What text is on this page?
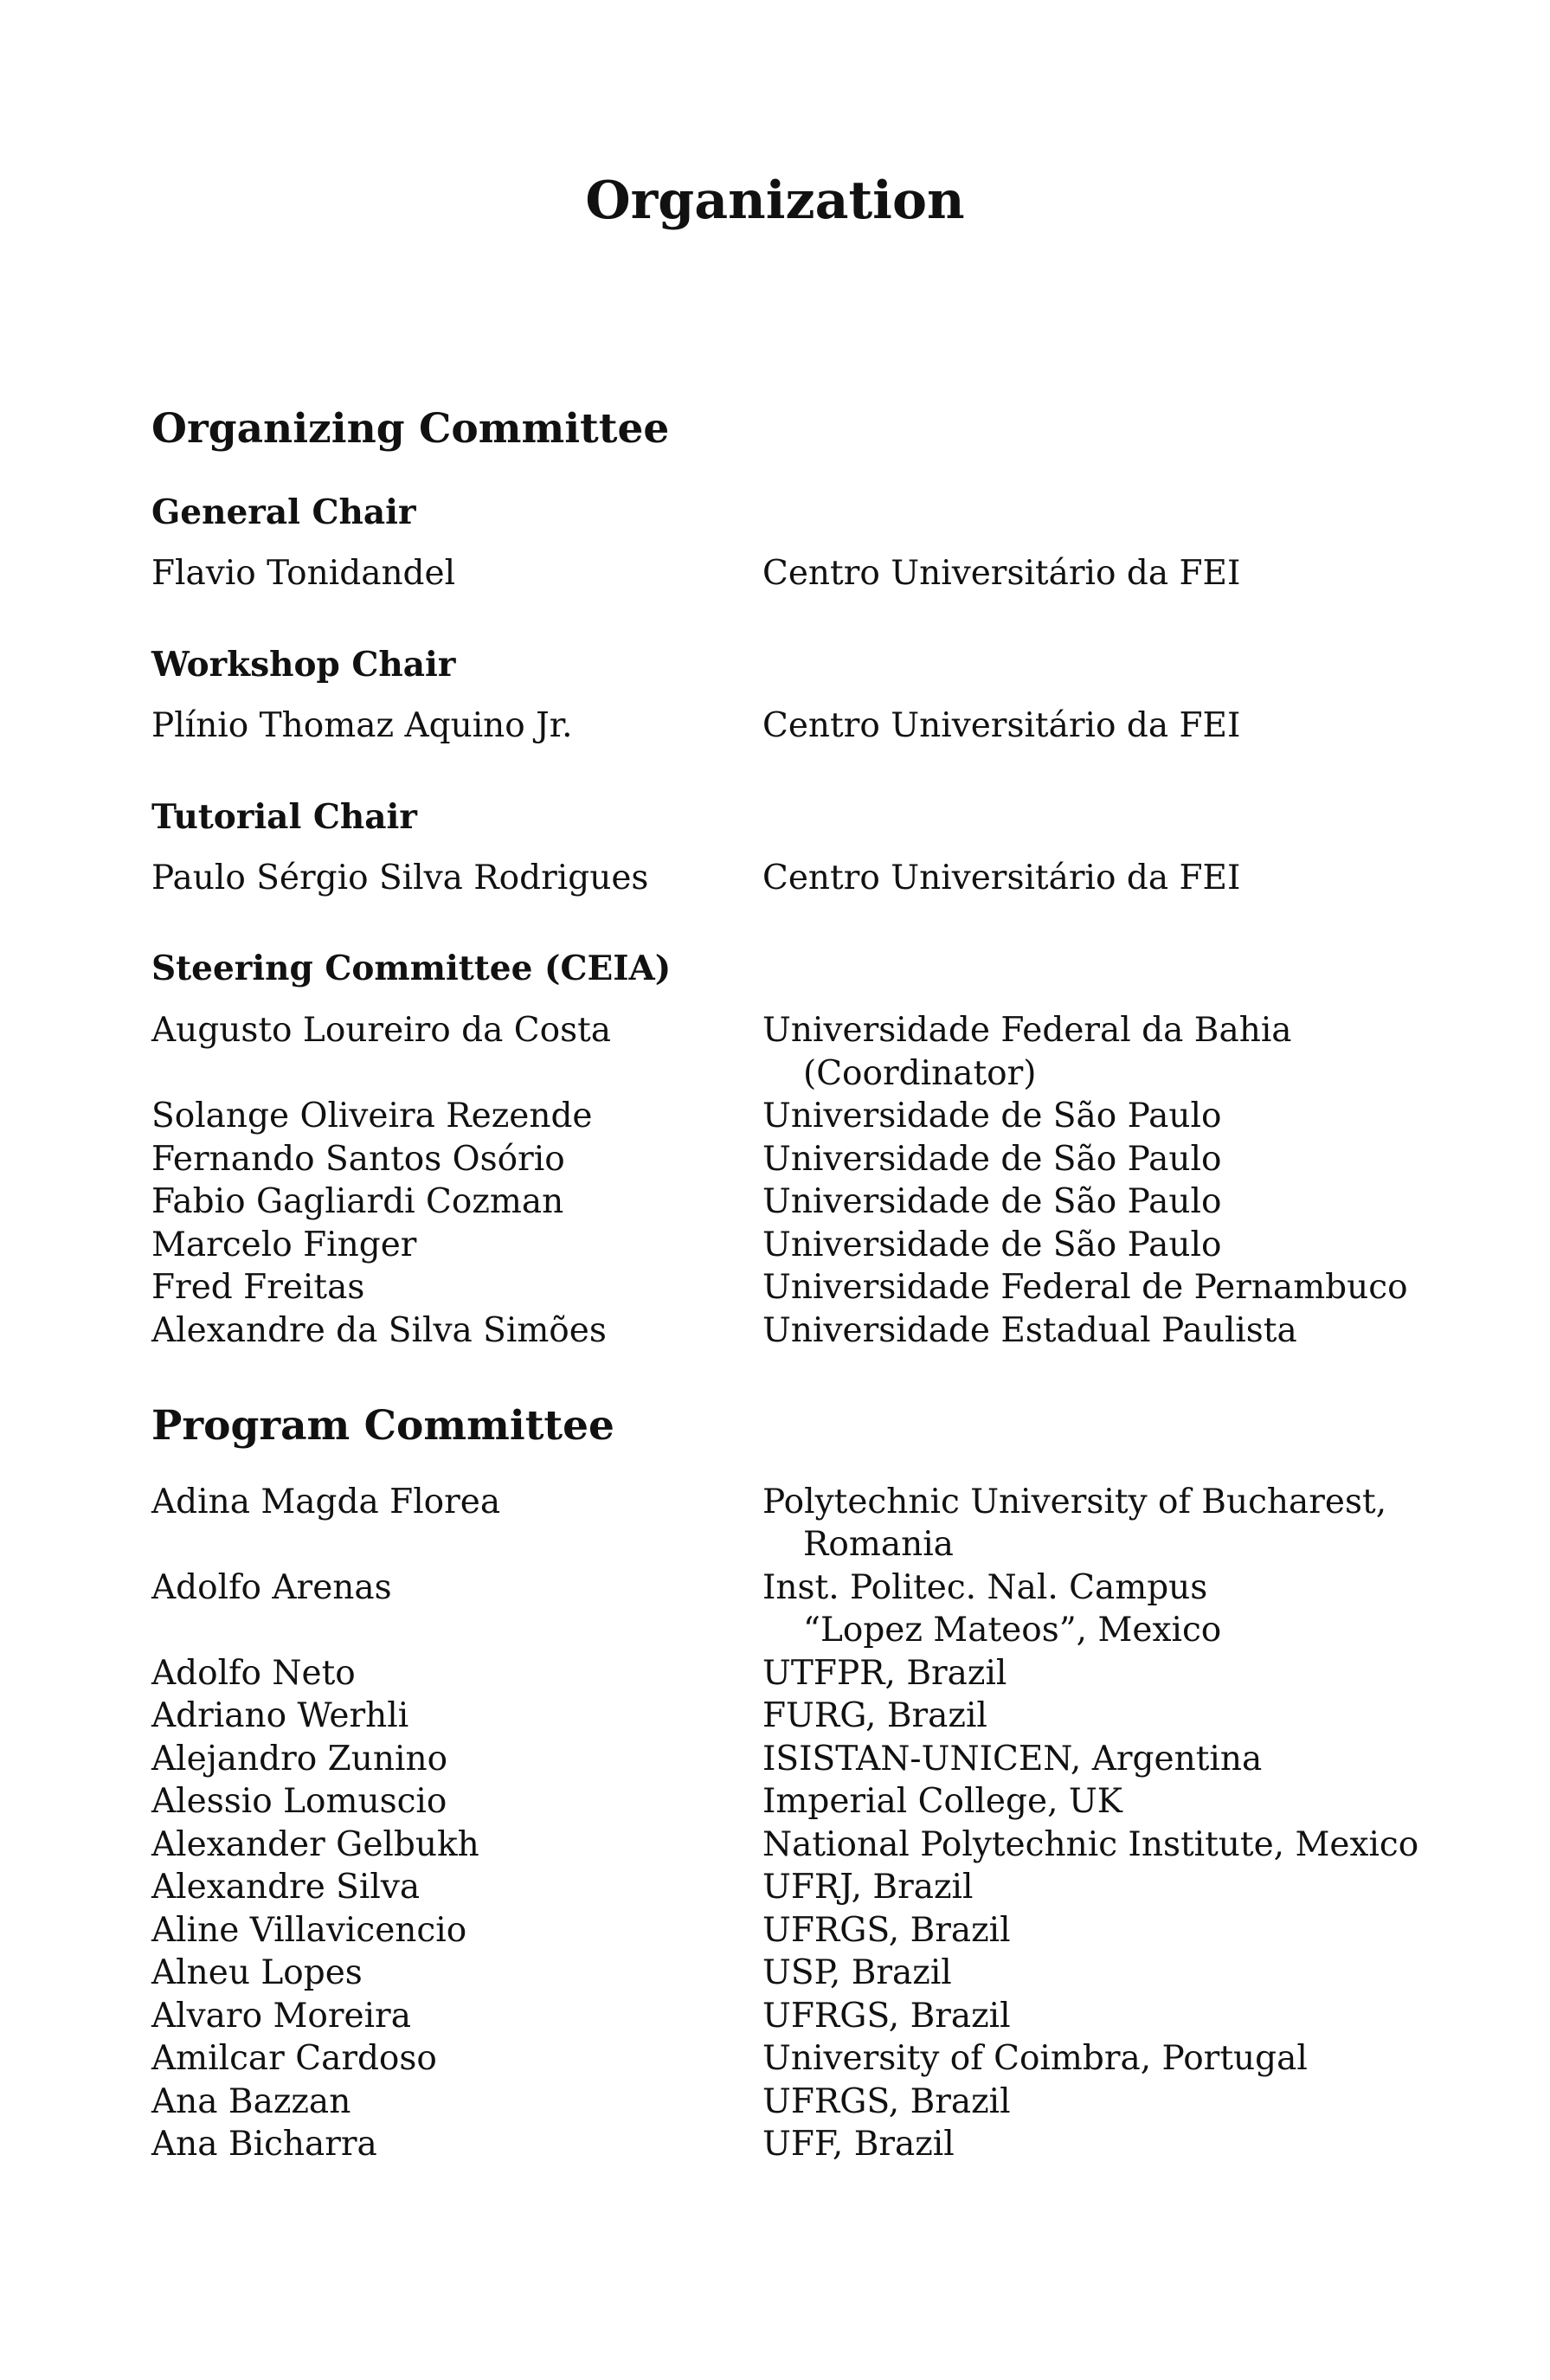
Organization
Organizing Committee
General Chair
Flavio Tonidandel	Centro Universitário da FEI
Workshop Chair
Plínio Thomaz Aquino Jr.	Centro Universitário da FEI
Tutorial Chair
Paulo Sérgio Silva Rodrigues	Centro Universitário da FEI
Steering Committee (CEIA)
Augusto Loureiro da Costa	Universidade Federal da Bahia
(Coordinator)
Solange Oliveira Rezende	Universidade de São Paulo
Fernando Santos Osório	Universidade de São Paulo
Fabio Gagliardi Cozman	Universidade de São Paulo
Marcelo Finger	Universidade de São Paulo
Fred Freitas	Universidade Federal de Pernambuco
Alexandre da Silva Simões	Universidade Estadual Paulista
Program Committee
Adina Magda Florea	Polytechnic University of Bucharest,
Romania
Adolfo Arenas	Inst. Politec. Nal. Campus
“Lopez Mateos”, Mexico
Adolfo Neto	UTFPR, Brazil
Adriano Werhli	FURG, Brazil
Alejandro Zunino	ISISTAN-UNICEN, Argentina
Alessio Lomuscio	Imperial College, UK
Alexander Gelbukh	National Polytechnic Institute, Mexico
Alexandre Silva	UFRJ, Brazil
Aline Villavicencio	UFRGS, Brazil
Alneu Lopes	USP, Brazil
Alvaro Moreira	UFRGS, Brazil
Amilcar Cardoso	University of Coimbra, Portugal
Ana Bazzan	UFRGS, Brazil
Ana Bicharra	UFF, Brazil
